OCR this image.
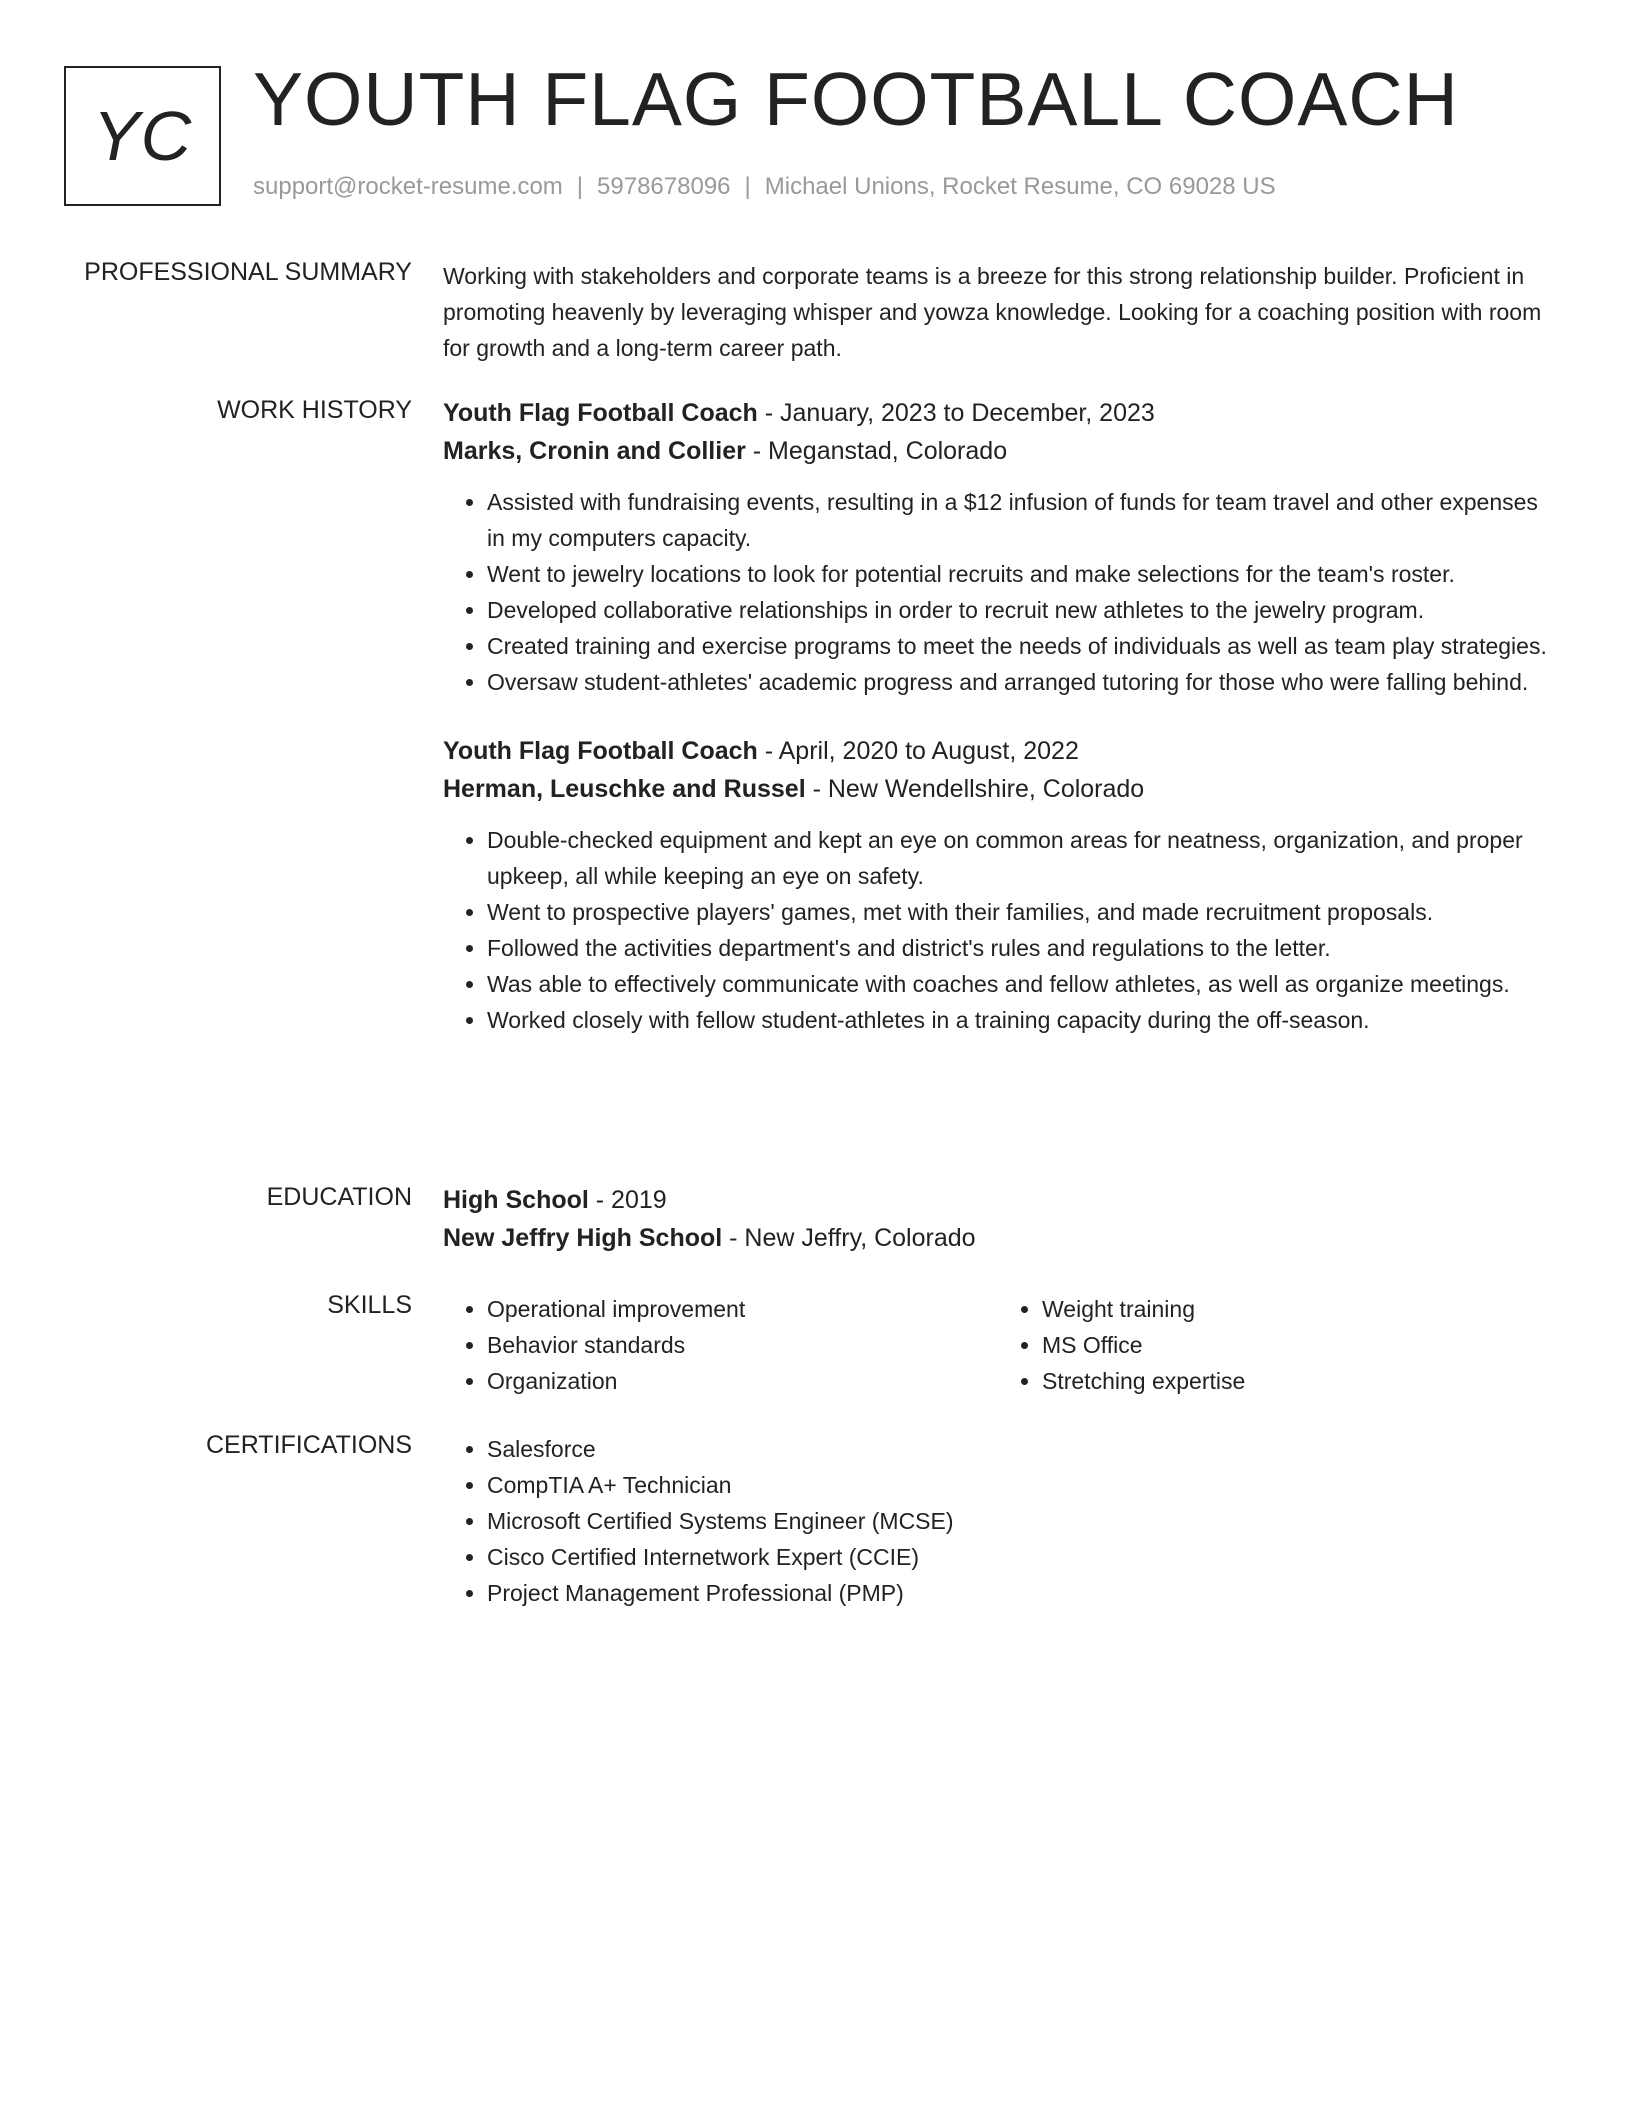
YC YOUTH FLAG FOOTBALL COACH
support@rocket-resume.com | 5978678096 | Michael Unions, Rocket Resume, CO 69028 US
PROFESSIONAL SUMMARY Working with stakeholders and corporate teams is a breeze for this strong relationship builder. Proficient in promoting heavenly by leveraging whisper and yowza knowledge. Looking for a coaching position with room for growth and a long-term career path.
WORK HISTORY Youth Flag Football Coach - January, 2023 to December, 2023
Marks, Cronin and Collier - Meganstad, Colorado
• Assisted with fundraising events, resulting in a $12 infusion of funds for team travel and other expenses in my computers capacity.
• Went to jewelry locations to look for potential recruits and make selections for the team's roster.
• Developed collaborative relationships in order to recruit new athletes to the jewelry program.
• Created training and exercise programs to meet the needs of individuals as well as team play strategies.
• Oversaw student-athletes' academic progress and arranged tutoring for those who were falling behind.
Youth Flag Football Coach - April, 2020 to August, 2022
Herman, Leuschke and Russel - New Wendellshire, Colorado
• Double-checked equipment and kept an eye on common areas for neatness, organization, and proper upkeep, all while keeping an eye on safety.
• Went to prospective players' games, met with their families, and made recruitment proposals.
• Followed the activities department's and district's rules and regulations to the letter.
• Was able to effectively communicate with coaches and fellow athletes, as well as organize meetings.
• Worked closely with fellow student-athletes in a training capacity during the off-season.
EDUCATION High School - 2019
New Jeffry High School - New Jeffry, Colorado
SKILLS	• Operational improvement
• Behavior standards
• Organization
• Weight training
• MS Office
• Stretching expertise
CERTIFICATIONS	• Salesforce
• CompTIA A+ Technician
• Microsoft Certified Systems Engineer (MCSE)
• Cisco Certified Internetwork Expert (CCIE)
• Project Management Professional (PMP)
